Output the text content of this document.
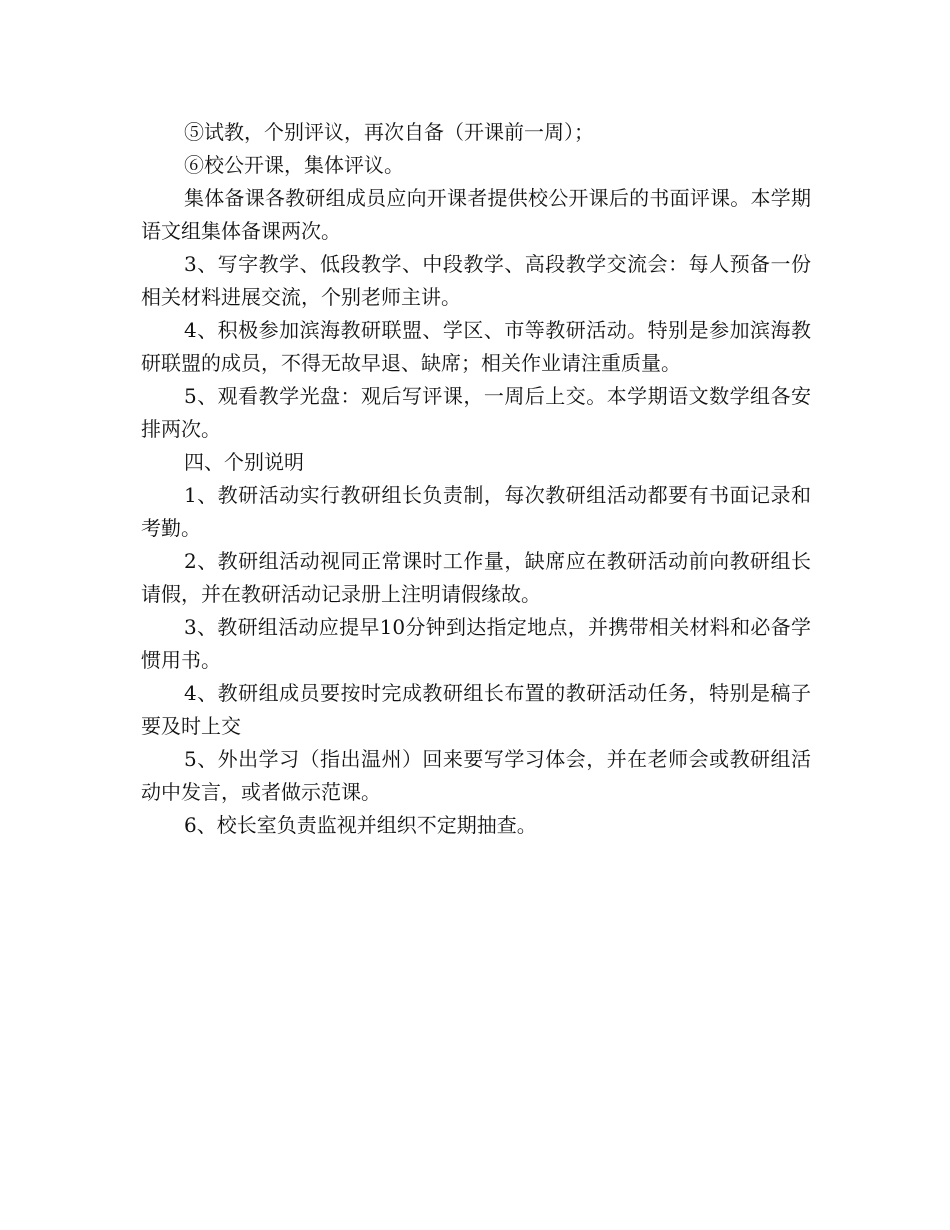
⑤试教，个别评议，再次自备（开课前一周）；

⑥校公开课，集体评议。

集体备课各教研组成员应向开课者提供校公开课后的书面评课。本学期语文组集体备课两次。

3、写字教学、低段教学、中段教学、高段教学交流会：每人预备一份相关材料进展交流，个别老师主讲。

4、积极参加滨海教研联盟、学区、市等教研活动。特别是参加滨海教研联盟的成员，不得无故早退、缺席；相关作业请注重质量。

5、观看教学光盘：观后写评课，一周后上交。本学期语文数学组各安排两次。

四、个别说明

1、教研活动实行教研组长负责制，每次教研组活动都要有书面记录和考勤。

2、教研组活动视同正常课时工作量，缺席应在教研活动前向教研组长请假，并在教研活动记录册上注明请假缘故。

3、教研组活动应提早10分钟到达指定地点，并携带相关材料和必备学惯用书。

4、教研组成员要按时完成教研组长布置的教研活动任务，特别是稿子要及时上交

5、外出学习（指出温州）回来要写学习体会，并在老师会或教研组活动中发言，或者做示范课。

6、校长室负责监视并组织不定期抽查。
